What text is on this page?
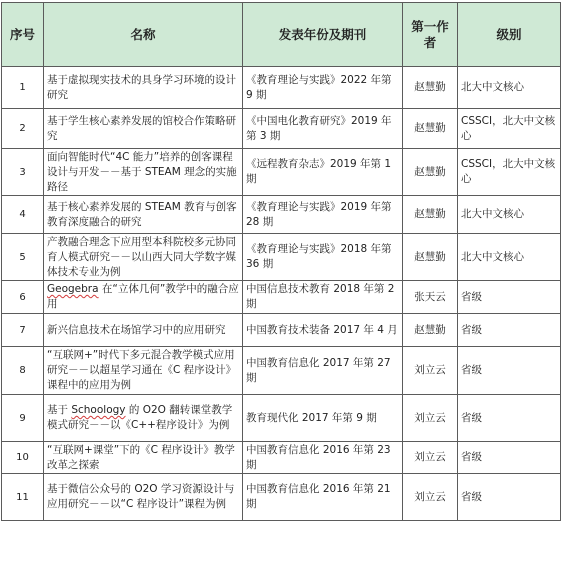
序号	名称	发表年份及期刊	第一作者	级别
1	基于虚拟现实技术的具身学习环境的设计研究	《教育理论与实践》2022 年第 9 期	赵慧勤	北大中文核心
2	基于学生核心素养发展的馆校合作策略研究	《中国电化教育研究》2019 年第 3 期	赵慧勤	CSSCI，北大中文核心
3	面向智能时代“4C 能力”培养的创客课程设计与开发－－基于 STEAM 理念的实施路径	《远程教育杂志》2019 年第 1 期	赵慧勤	CSSCI，北大中文核心
4	基于核心素养发展的 STEAM 教育与创客教育深度融合的研究	《教育理论与实践》2019 年第 28 期	赵慧勤	北大中文核心
5	产教融合理念下应用型本科院校多元协同育人模式研究－－以山西大同大学数字媒体技术专业为例	《教育理论与实践》2018 年第 36 期	赵慧勤	北大中文核心
6	Geogebra 在“立体几何”教学中的融合应用	中国信息技术教育 2018 年第 2 期	张天云	省级
7	新兴信息技术在场馆学习中的应用研究	中国教育技术装备 2017 年 4 月	赵慧勤	省级
8	“互联网+”时代下多元混合教学模式应用研究－－以超星学习通在《C 程序设计》课程中的应用为例	中国教育信息化 2017 年第 27 期	刘立云	省级
9	基于 Schoology 的 O2O 翻转课堂教学模式研究－－以《C++程序设计》为例	教育现代化 2017 年第 9 期	刘立云	省级
10	“互联网+课堂”下的《C 程序设计》教学改革之探索	中国教育信息化 2016 年第 23 期	刘立云	省级
11	基于微信公众号的 O2O 学习资源设计与应用研究－－以“C 程序设计”课程为例	中国教育信息化 2016 年第 21 期	刘立云	省级
